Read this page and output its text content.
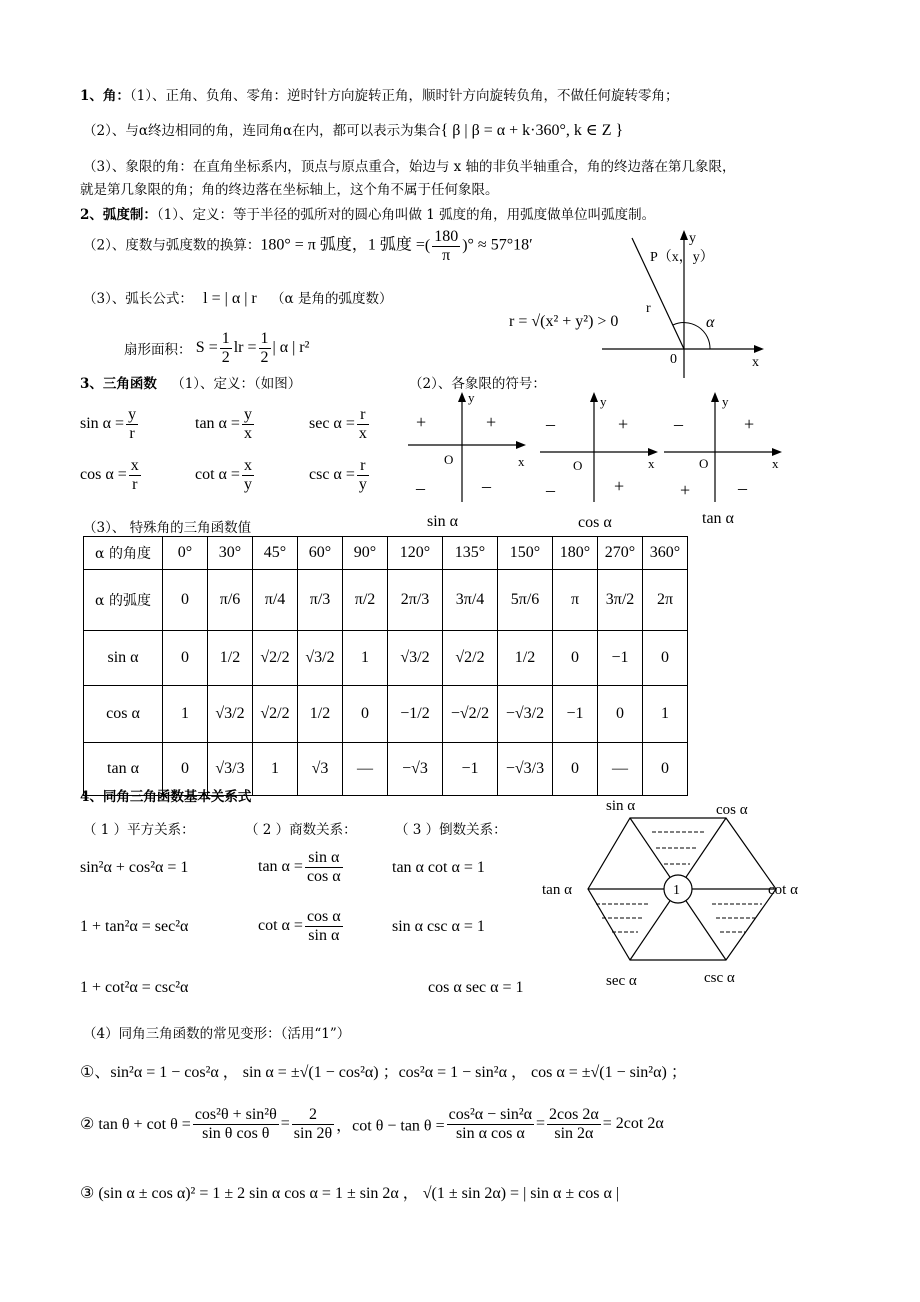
1、角：（1）、正角、负角、零角：逆时针方向旋转正角，顺时针方向旋转负角，不做任何旋转零角；
（2）、与α终边相同的角，连同角α在内，都可以表示为集合{ β | β = α + k·360°, k ∈ Z }
（3）、象限的角：在直角坐标系内，顶点与原点重合，始边与 x 轴的非负半轴重合，角的终边落在第几象限，
就是第几象限的角；角的终边落在坐标轴上，这个角不属于任何象限。
2、弧度制：（1）、定义：等于半径的弧所对的圆心角叫做 1 弧度的角，用弧度做单位叫弧度制。
（2）、度数与弧度数的换算：180° = π 弧度，1 弧度 =( $\frac{180}{\pi}$ )° ≈ 57°18′
（3）、弧长公式： l = | α | r （α 是角的弧度数）
扇形面积： $S = \frac{1}{2}$ lr = $\frac{1}{2}$ | α | r²
r = √(x² + y²) > 0
P（x，y）
r
y
x
0
α
3、三角函数 （1）、定义：（如图）	（2）、各象限的符号：
$\sin \alpha = \frac{y}{r}$	$\tan \alpha = \frac{y}{x}$	$\sec \alpha = \frac{r}{x}$
$\cos \alpha = \frac{x}{r}$	$\cot \alpha = \frac{x}{y}$	$\csc \alpha = \frac{r}{y}$
y
x
O
+	+
–	–
y
x
O
–	+
–	+
y
x
O
–	+
+	–
（3）、 特殊角的三角函数值	sin α	cos α	tan α
α 的角度	0°	30°	45°	60°	90°	120°	135°	150°	180°	270°	360°
α 的弧度	0	π/6	π/4	π/3	π/2	2π/3	3π/4	5π/6	π	3π/2	2π
sin α	0	1/2	√2/2	√3/2	1	√3/2	√2/2	1/2	0	−1	0
cos α	1	√3/2	√2/2	1/2	0	−1/2	−√2/2	−√3/2	−1	0	1
tan α	0	√3/3	1	√3	—	−√3	−1	−√3/3	0	—	0
4、同角三角函数基本关系式
（ 1 ）平方关系：	（ 2 ）商数关系：	（ 3 ）倒数关系：
sin²α + cos²α = 1
1 + tan²α = sec²α
1 + cot²α = csc²α
$\tan \alpha = \frac{\text{sin α}}{\text{cos α}}$
$\cot \alpha = \frac{\text{cos α}}{\text{sin α}}$
tan α cot α = 1
sin α csc α = 1
cos α sec α = 1
1
sin α	cos α
tan α	cot α
sec α	csc α
（4）同角三角函数的常见变形：（活用“1”）
①、sin²α = 1 − cos²α ， sin α = ±√(1 − cos²α) ；cos²α = 1 − sin²α ， cos α = ±√(1 − sin²α) ；
② $\tan \theta + \cot \theta = \frac{\text{cos²θ + sin²θ}}{\text{sin θ cos θ}} = \frac{2}{\sin 2\theta}$ ，$\cot \theta - \tan \theta = \frac{\text{cos²α − sin²α}}{\text{sin α cos α}} = \frac{2\cos 2\alpha}{\sin 2\alpha} = 2\cot$ 2α
③ (sin α ± cos α)² = 1 ± 2 sin α cos α = 1 ± sin 2α ， √(1 ± sin 2α) = | sin α ± cos α |
